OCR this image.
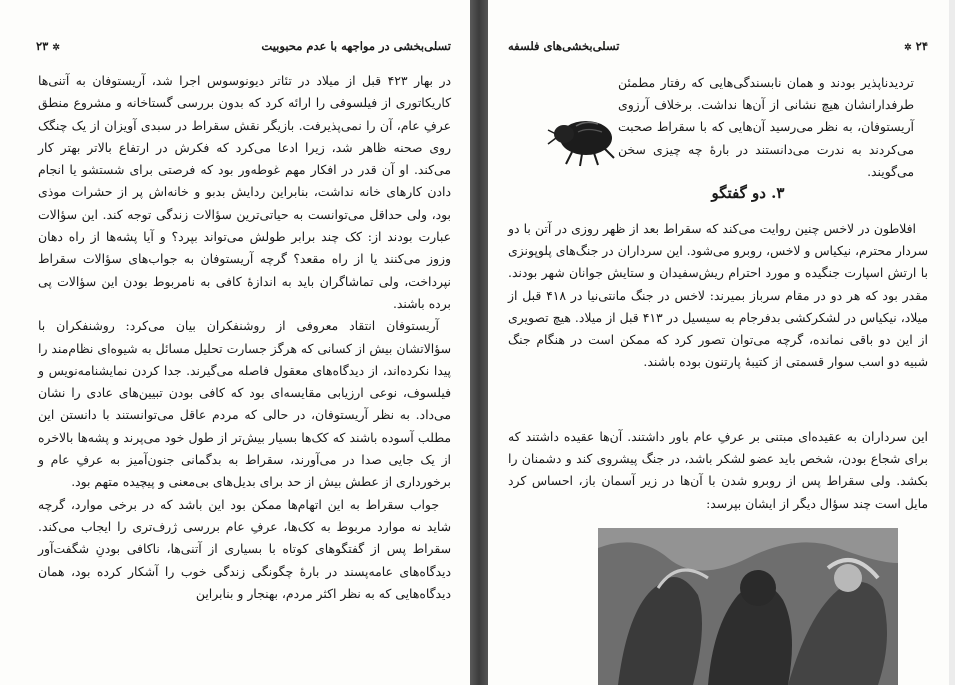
تسلی‌بخشی در مواجهه با عدم محبوبیت
✲۲۳

در بهار ۴۲۳ قبل از میلاد در تئاتر دیونوسوس اجرا شد، آریستوفان به آتنی‌ها کاریکاتوری از فیلسوفی را ارائه کرد که بدون بررسی گستاخانه و مشروع منطق عرفِ عام، آن را نمی‌پذیرفت. بازیگر نقش سقراط در سبدی آویزان از یک چنگک روی صحنه ظاهر شد، زیرا ادعا می‌کرد که فکرش در ارتفاع بالاتر بهتر کار می‌کند. او آن قدر در افکار مهم غوطه‌ور بود که فرصتی برای شستشو یا انجام دادن کارهای خانه نداشت، بنابراین ردایش بدبو و خانه‌اش پر از حشرات موذی بود، ولی حداقل می‌توانست به حیاتی‌ترین سؤالات زندگی توجه کند. این سؤالات عبارت بودند از: کک چند برابر طولش می‌تواند بپرد؟ و آیا پشه‌ها از راه دهان وزوز می‌کنند یا از راه مقعد؟ گرچه آریستوفان به جواب‌های سؤالات سقراط نپرداخت، ولی تماشاگران باید به اندازهٔ کافی به نامربوط بودن این سؤالات پی برده باشند.

آریستوفان انتقاد معروفی از روشنفکران بیان می‌کرد: روشنفکران با سؤالاتشان بیش از کسانی که هرگز جسارت تحلیل مسائل به شیوه‌ای نظام‌مند را پیدا نکرده‌اند، از دیدگاه‌های معقول فاصله می‌گیرند. جدا کردن نمایشنامه‌نویس و فیلسوف، نوعی ارزیابی مقایسه‌ای بود که کافی بودن تبیین‌های عادی را نشان می‌داد. به نظر آریستوفان، در حالی که مردم عاقل می‌توانستند با دانستن این مطلب آسوده باشند که کک‌ها بسیار بیش‌تر از طول خود می‌پرند و پشه‌ها بالاخره از یک جایی صدا در می‌آورند، سقراط به بدگمانی جنون‌آمیز به عرفِ عام و برخورداری از عطش بیش از حد برای بدیل‌های بی‌معنی و پیچیده متهم بود.

جواب سقراط به این اتهام‌ها ممکن بود این باشد که در برخی موارد، گرچه شاید نه موارد مربوط به کک‌ها، عرفِ عام بررسی ژرف‌تری را ایجاب می‌کند. سقراط پس از گفتگوهای کوتاه با بسیاری از آتنی‌ها، ناکافی بودنِ شگفت‌آور دیدگاه‌های عامه‌پسند در بارهٔ چگونگی زندگی خوب را آشکار کرده بود، همان دیدگاه‌هایی که به نظر اکثر مردم، بهنجار و بنابراین

۲۴✲
تسلی‌بخشی‌های فلسفه

تردیدناپذیر بودند و همان نابسندگی‌هایی که رفتار مطمئن طرفدارانشان هیچ نشانی از آن‌ها نداشت. برخلاف آرزوی آریستوفان، به نظر می‌رسید آن‌هایی که با سقراط صحبت می‌کردند به ندرت می‌دانستند در بارهٔ چه چیزی سخن می‌گویند.

۳. دو گفتگو

افلاطون در لاخس چنین روایت می‌کند که سقراط بعد از ظهر روزی در آتن با دو سردار محترم، نیکیاس و لاخس، روبرو می‌شود. این سرداران در جنگ‌های پلوپونزی با ارتش اسپارت جنگیده و مورد احترام ریش‌سفیدان و ستایش جوانان شهر بودند. مقدر بود که هر دو در مقام سرباز بمیرند: لاخس در جنگ مانتی‌نیا در ۴۱۸ قبل از میلاد، نیکیاس در لشکرکشی بدفرجام به سیسیل در ۴۱۳ قبل از میلاد. هیچ تصویری از این دو باقی نمانده، گرچه می‌توان تصور کرد که ممکن است در هنگام جنگ شبیه دو اسب سوار قسمتی از کتیبهٔ پارتنون بوده باشند.

این سرداران به عقیده‌ای مبتنی بر عرفِ عام باور داشتند. آن‌ها عقیده داشتند که برای شجاع بودن، شخص باید عضو لشکر باشد، در جنگ پیشروی کند و دشمنان را بکشد. ولی سقراط پس از روبرو شدن با آن‌ها در زیر آسمان باز، احساس کرد مایل است چند سؤال دیگر از ایشان بپرسد:
